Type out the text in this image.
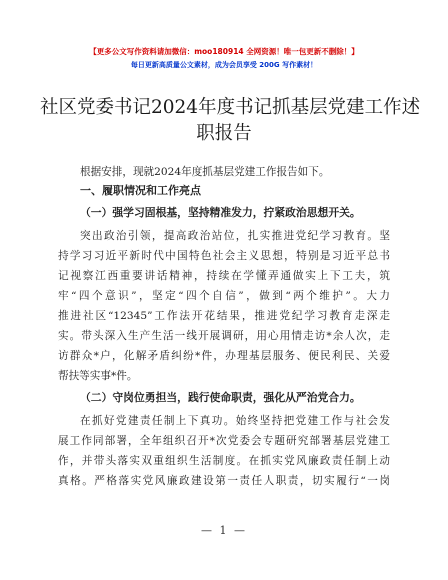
【更多公文写作资料请加微信：moo180914 全网资源！唯一包更新不删除！】
每日更新高质量公文素材，成为会员享受 200G 写作素材！
社区党委书记2024年度书记抓基层党建工作述
职报告
根据安排，现就2024年度抓基层党建工作报告如下。
一、履职情况和工作亮点
（一）强学习固根基，坚持精准发力，拧紧政治思想开关。
突出政治引领，提高政治站位，扎实推进党纪学习教育。坚
持学习习近平新时代中国特色社会主义思想，特别是习近平总书
记视察江西重要讲话精神，持续在学懂弄通做实上下工夫，筑
牢“四个意识”，坚定“四个自信”，做到“两个维护”。大力
推进社区“12345”工作法开花结果，推进党纪学习教育走深走
实。带头深入生产生活一线开展调研，用心用情走访*余人次，走
访群众*户，化解矛盾纠纷*件，办理基层服务、便民利民、关爱
帮扶等实事*件。
（二）守岗位勇担当，践行使命职责，强化从严治党合力。
在抓好党建责任制上下真功。始终坚持把党建工作与社会发
展工作同部署，全年组织召开*次党委会专题研究部署基层党建工
作，并带头落实双重组织生活制度。在抓实党风廉政责任制上动
真格。严格落实党风廉政建设第一责任人职责，切实履行“一岗
— 1 —
